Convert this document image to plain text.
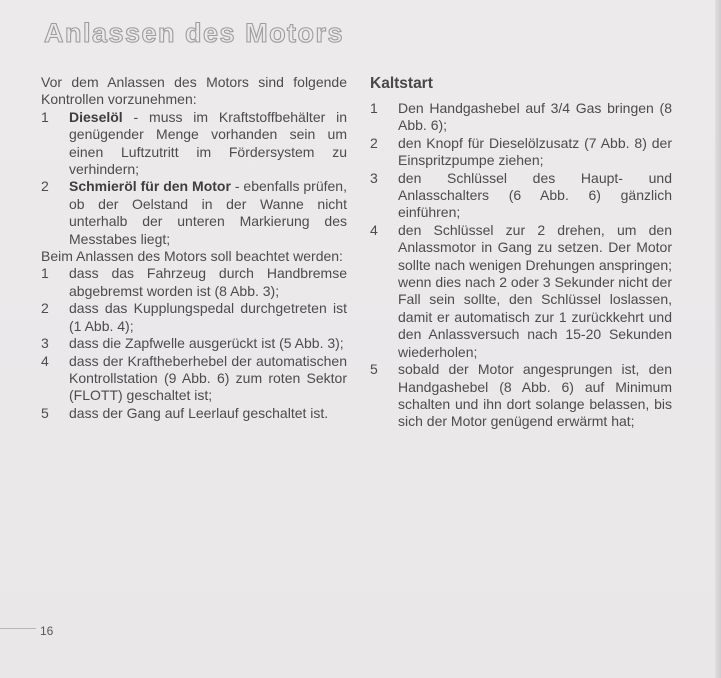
Anlassen des Motors

Vor dem Anlassen des Motors sind folgende Kontrollen vorzunehmen:

1	Dieselöl - muss im Kraftstoffbehälter in genügender Menge vorhanden sein um einen Luftzutritt im Fördersystem zu verhindern;
2	Schmieröl für den Motor - ebenfalls prüfen, ob der Oelstand in der Wanne nicht unterhalb der unteren Markierung des Messtabes liegt;

Beim Anlassen des Motors soll beachtet werden:

1	dass das Fahrzeug durch Handbremse abgebremst worden ist (8 Abb. 3);
2	dass das Kupplungspedal durchgetreten ist (1 Abb. 4);
3	dass die Zapfwelle ausgerückt ist (5 Abb. 3);
4	dass der Kraftheberhebel der automatischen Kontrollstation (9 Abb. 6) zum roten Sektor (FLOTT) geschaltet ist;
5	dass der Gang auf Leerlauf geschaltet ist.
Kaltstart
1	Den Handgashebel auf 3/4 Gas bringen (8 Abb. 6);
2	den Knopf für Dieselölzusatz (7 Abb. 8) der Einspritzpumpe ziehen;
3	den Schlüssel des Haupt- und Anlasschalters (6 Abb. 6) gänzlich einführen;
4	den Schlüssel zur 2 drehen, um den Anlassmotor in Gang zu setzen. Der Motor sollte nach wenigen Drehungen anspringen; wenn dies nach 2 oder 3 Sekunder nicht der Fall sein sollte, den Schlüssel loslassen, damit er automatisch zur 1 zurückkehrt und den Anlassversuch nach 15-20 Sekunden wiederholen;
5	sobald der Motor angesprungen ist, den Handgashebel (8 Abb. 6) auf Minimum schalten und ihn dort solange belassen, bis sich der Motor genügend erwärmt hat;
16
